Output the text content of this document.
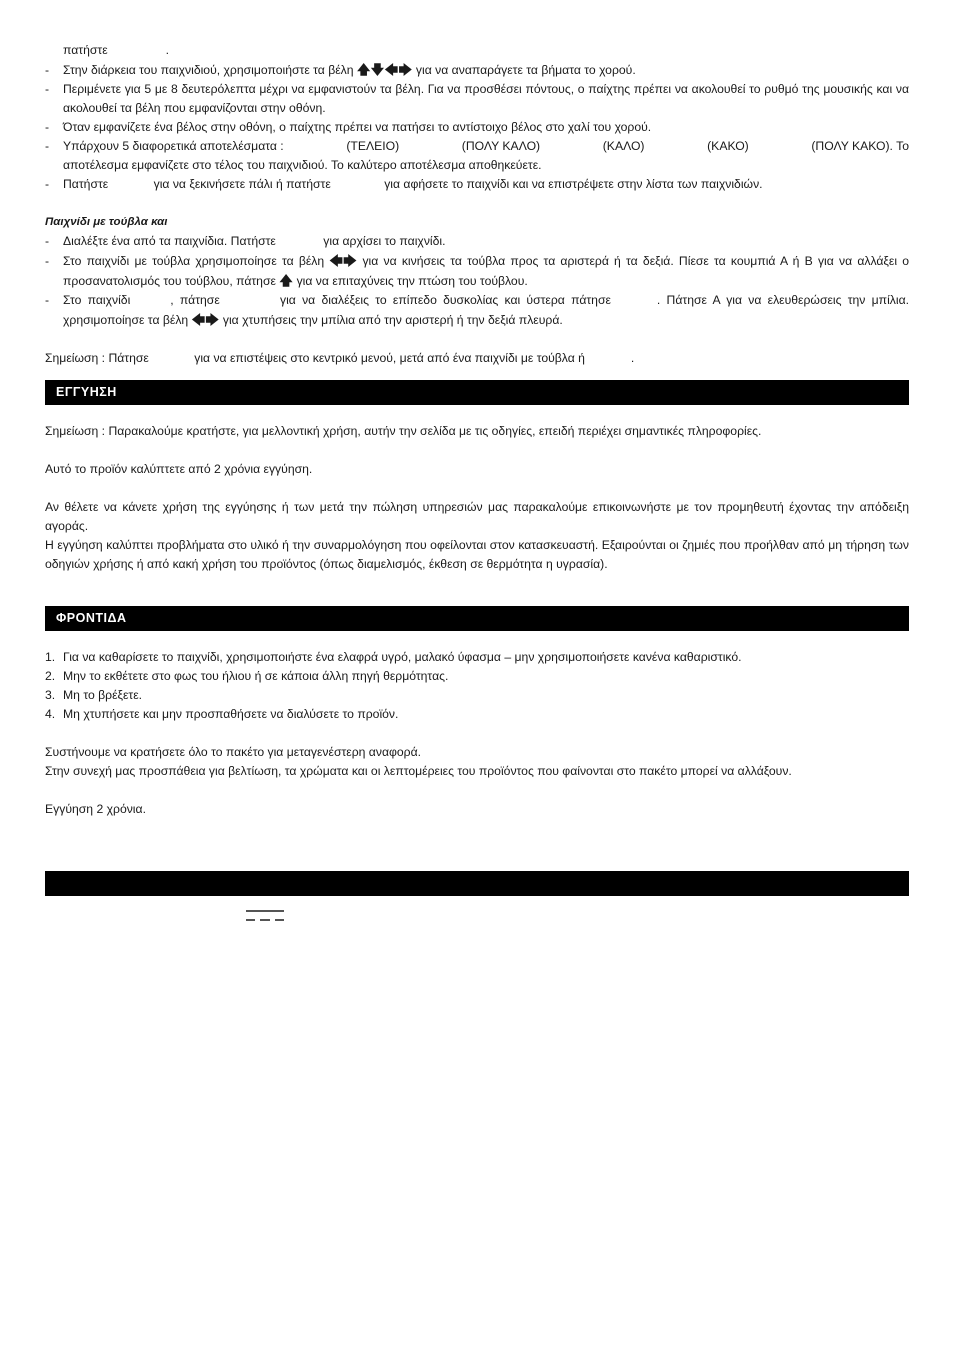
πατήστε	.
-	Στην διάρκεια του παιχνιδιού, χρησιμοποιήστε τα βέλη 🡅🡇🡄🡆 για να αναπαράγετε τα βήματα το χορού.
-	Περιμένετε για 5 με 8 δευτερόλεπτα μέχρι να εμφανιστούν τα βέλη. Για να προσθέσει πόντους, ο παίχτης πρέπει να ακολουθεί το ρυθμό της μουσικής και να
ακολουθεί τα βέλη που εμφανίζονται στην οθόνη.
-	Όταν εμφανίζετε ένα βέλος στην οθόνη, ο παίχτης πρέπει να πατήσει το αντίστοιχο βέλος στο χαλί του χορού.
-	Υπάρχουν 5 διαφορετικά αποτελέσματα :	(ΤΕΛΕΙΟ)	(ΠΟΛΥ ΚΑΛΟ)	(ΚΑΛΟ)	(ΚΑΚΟ)	(ΠΟΛΥ ΚΑΚΟ). Το
αποτέλεσμα εμφανίζετε στο τέλος του παιχνιδιού. Το καλύτερο αποτέλεσμα αποθηκεύετε.
-	Πατήστε	για να ξεκινήσετε πάλι ή πατήστε	για αφήσετε το παιχνίδι και να επιστρέψετε στην λίστα των παιχνιδιών.
Παιχνίδι με τούβλα και
-	Διαλέξτε ένα από τα παιχνίδια. Πατήστε	για αρχίσει το παιχνίδι.
-	Στο παιχνίδι με τούβλα χρησιμοποίησε τα βέλη 🡄🡆 για να κινήσεις τα τούβλα προς τα αριστερά ή τα δεξιά. Πίεσε τα κουμπιά Α ή Β για να αλλάξει ο
προσανατολισμός του τούβλου, πάτησε 🡅 για να επιταχύνεις την πτώση του τούβλου.
-	Στο παιχνίδι	, πάτησε	για να διαλέξεις το επίπεδο δυσκολίας και ύστερα πάτησε	. Πάτησε Α για να ελευθερώσεις την μπίλια.
χρησιμοποίησε τα βέλη 🡄🡆 για χτυπήσεις την μπίλια από την αριστερή ή την δεξιά πλευρά.
Σημείωση : Πάτησε	για να επιστέψεις στο κεντρικό μενού, μετά από ένα παιχνίδι με τούβλα ή	.
ΕΓΓΥΗΣΗ
Σημείωση : Παρακαλούμε κρατήστε, για μελλοντική χρήση, αυτήν την σελίδα με τις οδηγίες, επειδή περιέχει σημαντικές πληροφορίες.
Αυτό το προϊόν καλύπτετε από 2 χρόνια εγγύηση.
Αν θέλετε να κάνετε χρήση της εγγύησης ή των μετά την πώληση υπηρεσιών μας παρακαλούμε επικοινωνήστε με τον προμηθευτή έχοντας την απόδειξη αγοράς.
Η εγγύηση καλύπτει προβλήματα στο υλικό ή την συναρμολόγηση που οφείλονται στον κατασκευαστή. Εξαιρούνται οι ζημιές που προήλθαν από μη τήρηση των
οδηγιών χρήσης ή από κακή χρήση του προϊόντος (όπως διαμελισμός, έκθεση σε θερμότητα η υγρασία).
ΦΡΟΝΤΙΔΑ
1. Για να καθαρίσετε το παιχνίδι, χρησιμοποιήστε ένα ελαφρά υγρό, μαλακό ύφασμα – μην χρησιμοποιήσετε κανένα καθαριστικό.
2. Μην το εκθέτετε στο φως του ήλιου ή σε κάποια άλλη πηγή θερμότητας.
3. Μη το βρέξετε.
4. Μη χτυπήσετε και μην προσπαθήσετε να διαλύσετε το προϊόν.
Συστήνουμε να κρατήσετε όλο το πακέτο για μεταγενέστερη αναφορά.
Στην συνεχή μας προσπάθεια για βελτίωση, τα χρώματα και οι λεπτομέρειες του προϊόντος που φαίνονται στο πακέτο μπορεί να αλλάξουν.
Εγγύηση 2 χρόνια.
